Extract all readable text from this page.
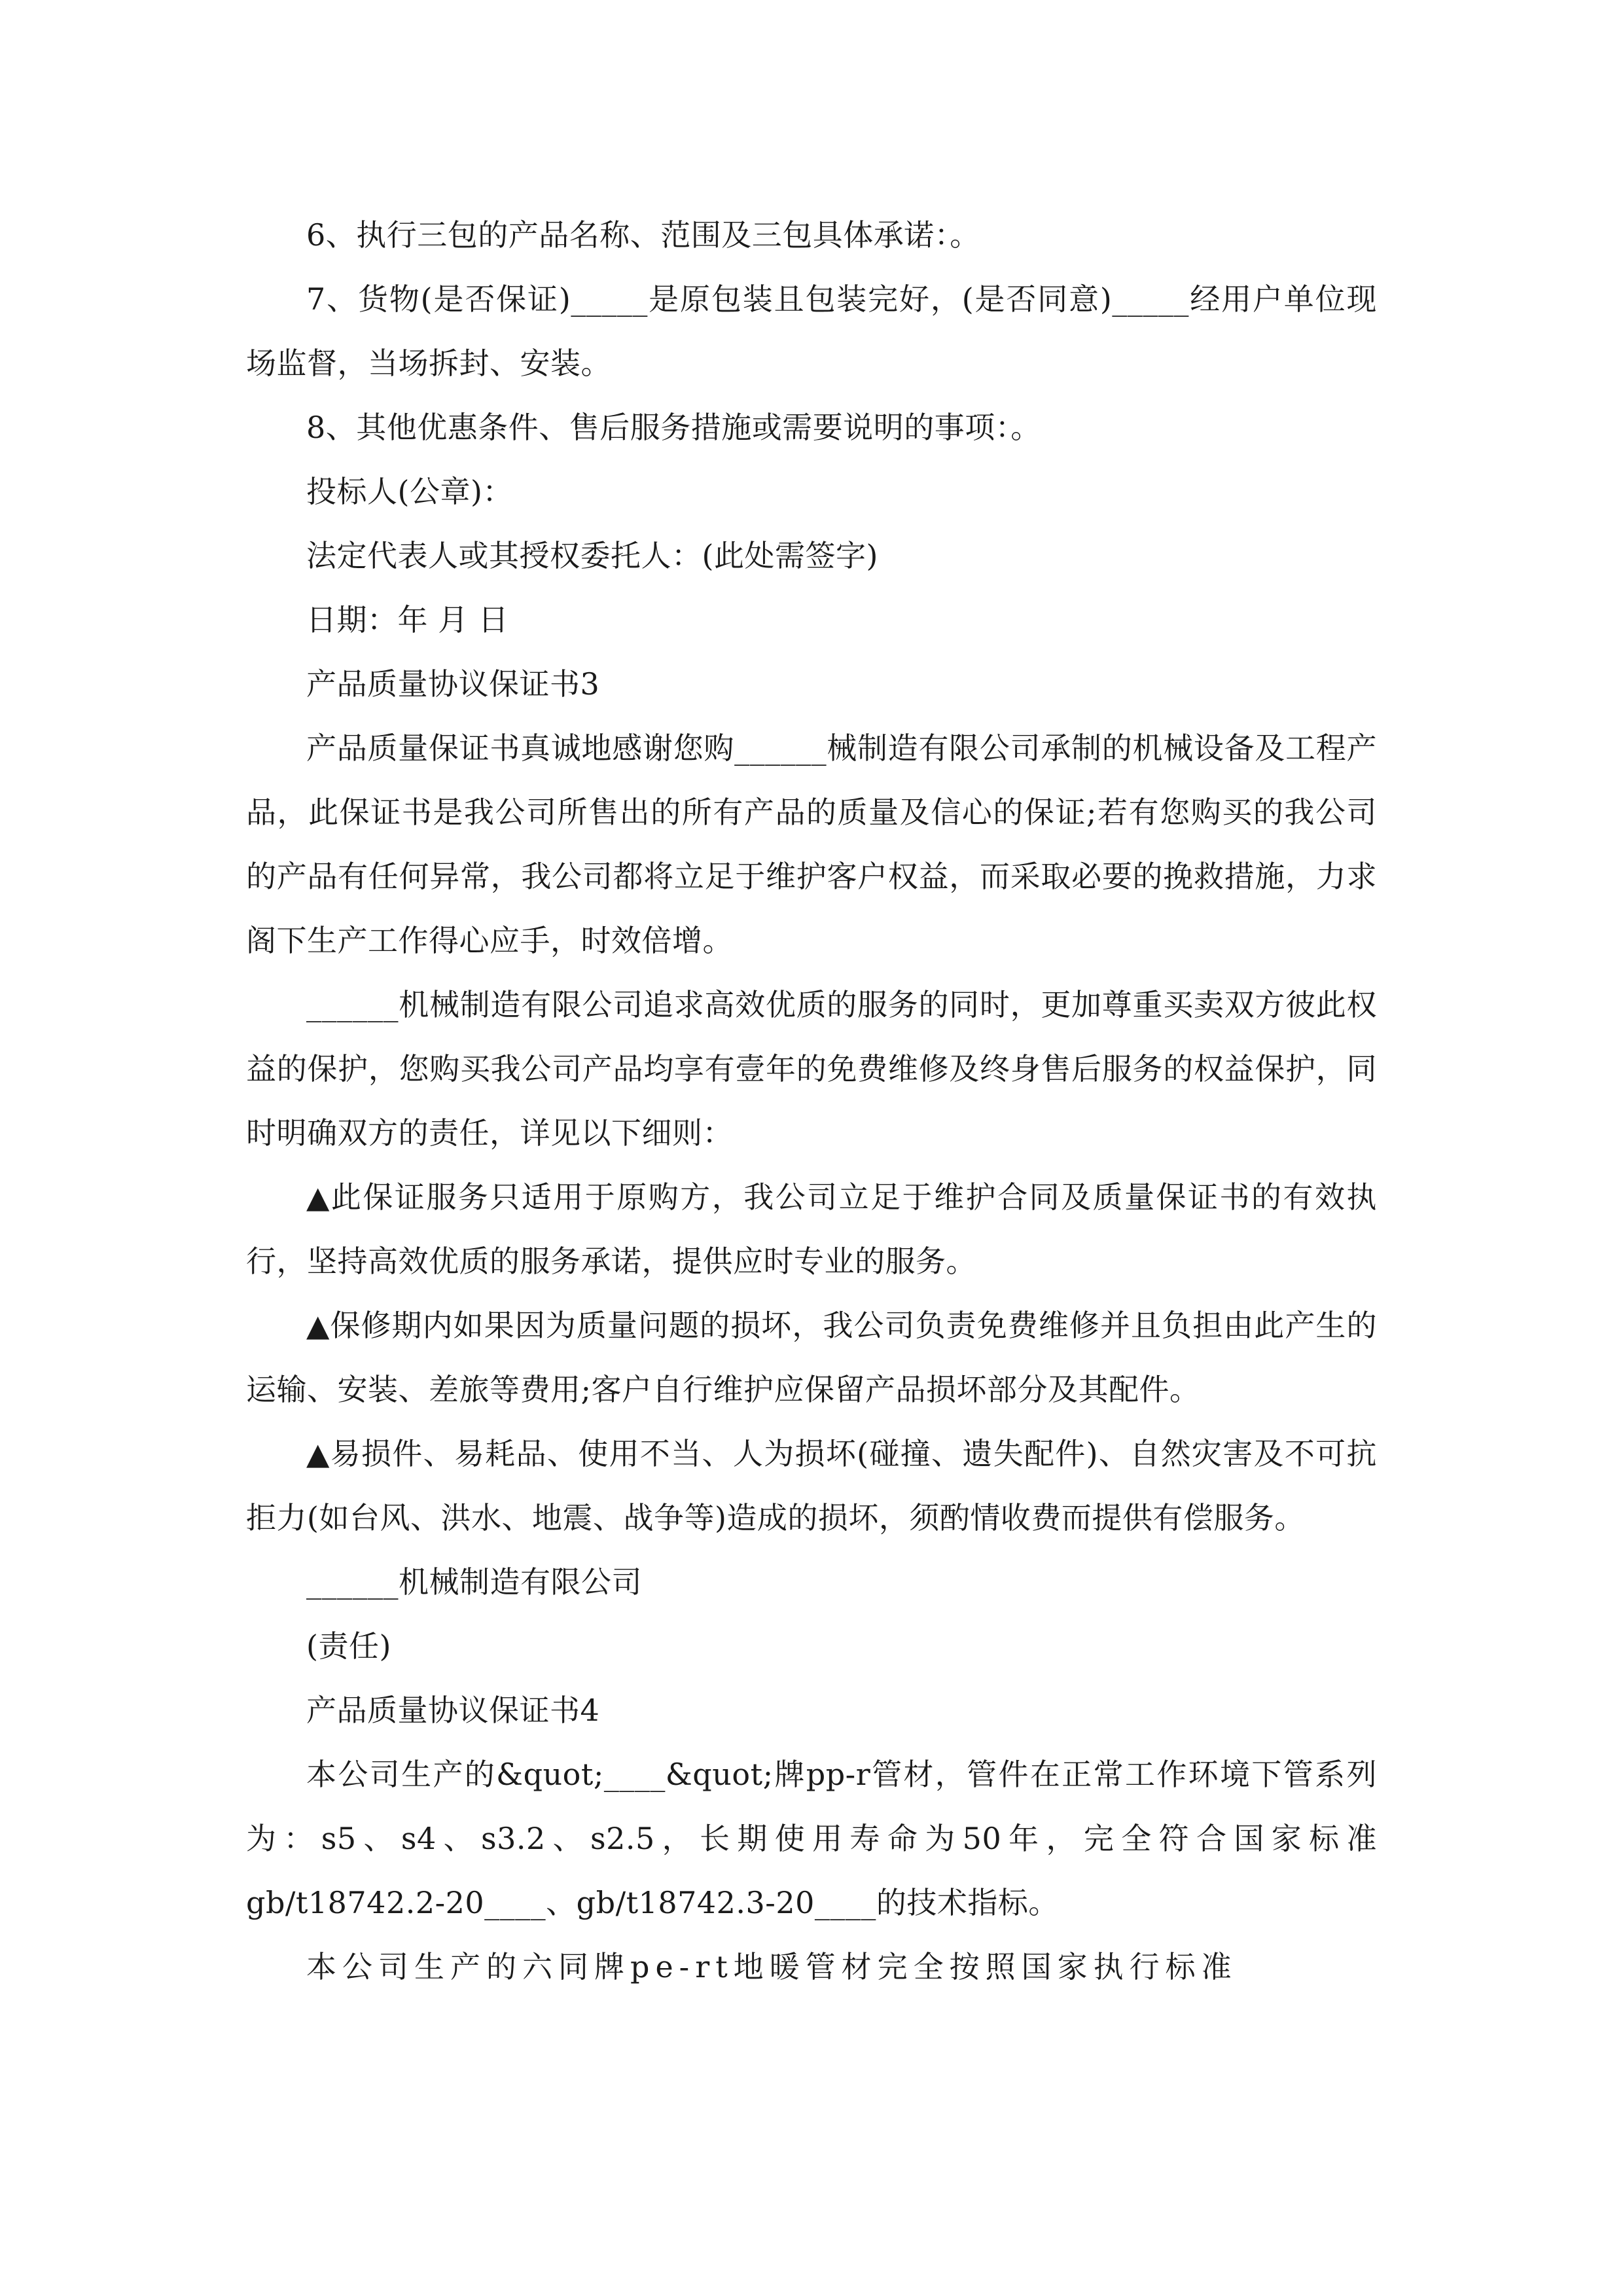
6、执行三包的产品名称、范围及三包具体承诺：。

7、货物(是否保证)_____是原包装且包装完好，(是否同意)_____经用户单位现场监督，当场拆封、安装。

8、其他优惠条件、售后服务措施或需要说明的事项：。

投标人(公章)：

法定代表人或其授权委托人：(此处需签字)

日期：年 月 日

产品质量协议保证书3

产品质量保证书真诚地感谢您购______械制造有限公司承制的机械设备及工程产品，此保证书是我公司所售出的所有产品的质量及信心的保证;若有您购买的我公司的产品有任何异常，我公司都将立足于维护客户权益，而采取必要的挽救措施，力求阁下生产工作得心应手，时效倍增。

______机械制造有限公司追求高效优质的服务的同时，更加尊重买卖双方彼此权益的保护，您购买我公司产品均享有壹年的免费维修及终身售后服务的权益保护，同时明确双方的责任，详见以下细则：

▲此保证服务只适用于原购方，我公司立足于维护合同及质量保证书的有效执行，坚持高效优质的服务承诺，提供应时专业的服务。

▲保修期内如果因为质量问题的损坏，我公司负责免费维修并且负担由此产生的运输、安装、差旅等费用;客户自行维护应保留产品损坏部分及其配件。

▲易损件、易耗品、使用不当、人为损坏(碰撞、遗失配件)、自然灾害及不可抗拒力(如台风、洪水、地震、战争等)造成的损坏，须酌情收费而提供有偿服务。

______机械制造有限公司

(责任)

产品质量协议保证书4

本公司生产的&quot;____&quot;牌pp-r管材，管件在正常工作环境下管系列为：s5、s4、s3.2、s2.5，长期使用寿命为50年，完全符合国家标准gb/t18742.2-20____、gb/t18742.3-20____的技术指标。

本公司生产的六同牌pe-rt地暖管材完全按照国家执行标准
